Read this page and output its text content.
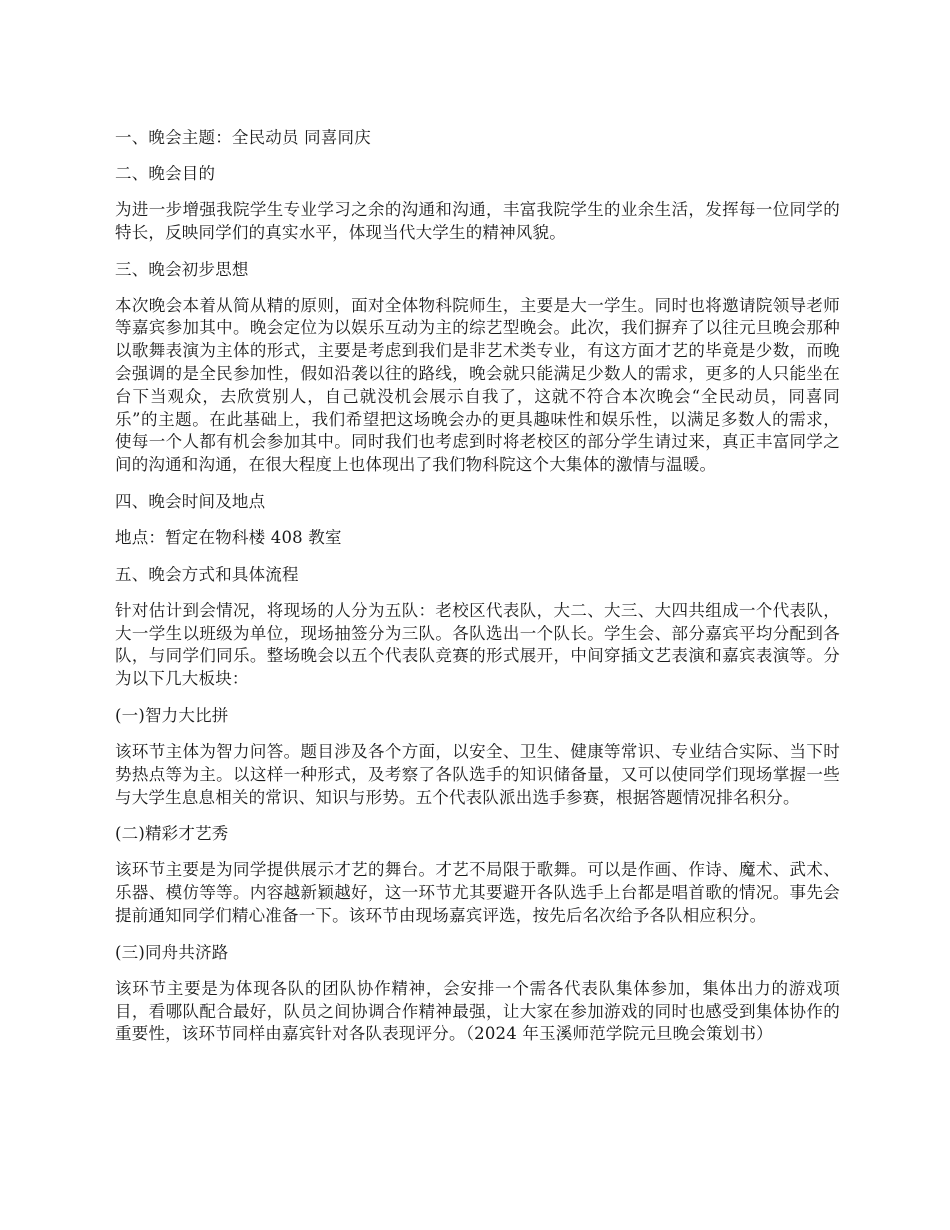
一、晚会主题：全民动员 同喜同庆
二、晚会目的
为进一步增强我院学生专业学习之余的沟通和沟通，丰富我院学生的业余生活，发挥每一位同学的特长，反映同学们的真实水平，体现当代大学生的精神风貌。
三、晚会初步思想
本次晚会本着从简从精的原则，面对全体物科院师生，主要是大一学生。同时也将邀请院领导老师等嘉宾参加其中。晚会定位为以娱乐互动为主的综艺型晚会。此次，我们摒弃了以往元旦晚会那种以歌舞表演为主体的形式，主要是考虑到我们是非艺术类专业，有这方面才艺的毕竟是少数，而晚会强调的是全民参加性，假如沿袭以往的路线，晚会就只能满足少数人的需求，更多的人只能坐在台下当观众，去欣赏别人，自己就没机会展示自我了，这就不符合本次晚会“全民动员，同喜同乐”的主题。在此基础上，我们希望把这场晚会办的更具趣味性和娱乐性，以满足多数人的需求，使每一个人都有机会参加其中。同时我们也考虑到时将老校区的部分学生请过来，真正丰富同学之间的沟通和沟通，在很大程度上也体现出了我们物科院这个大集体的激情与温暖。
四、晚会时间及地点
地点：暂定在物科楼 408 教室
五、晚会方式和具体流程
针对估计到会情况，将现场的人分为五队：老校区代表队，大二、大三、大四共组成一个代表队，大一学生以班级为单位，现场抽签分为三队。各队选出一个队长。学生会、部分嘉宾平均分配到各队，与同学们同乐。整场晚会以五个代表队竞赛的形式展开，中间穿插文艺表演和嘉宾表演等。分为以下几大板块：
(一)智力大比拼
该环节主体为智力问答。题目涉及各个方面，以安全、卫生、健康等常识、专业结合实际、当下时势热点等为主。以这样一种形式，及考察了各队选手的知识储备量，又可以使同学们现场掌握一些与大学生息息相关的常识、知识与形势。五个代表队派出选手参赛，根据答题情况排名积分。
(二)精彩才艺秀
该环节主要是为同学提供展示才艺的舞台。才艺不局限于歌舞。可以是作画、作诗、魔术、武术、乐器、模仿等等。内容越新颖越好，这一环节尤其要避开各队选手上台都是唱首歌的情况。事先会提前通知同学们精心准备一下。该环节由现场嘉宾评选，按先后名次给予各队相应积分。
(三)同舟共济路
该环节主要是为体现各队的团队协作精神，会安排一个需各代表队集体参加，集体出力的游戏项目，看哪队配合最好，队员之间协调合作精神最强，让大家在参加游戏的同时也感受到集体协作的重要性，该环节同样由嘉宾针对各队表现评分。（2024 年玉溪师范学院元旦晚会策划书）
